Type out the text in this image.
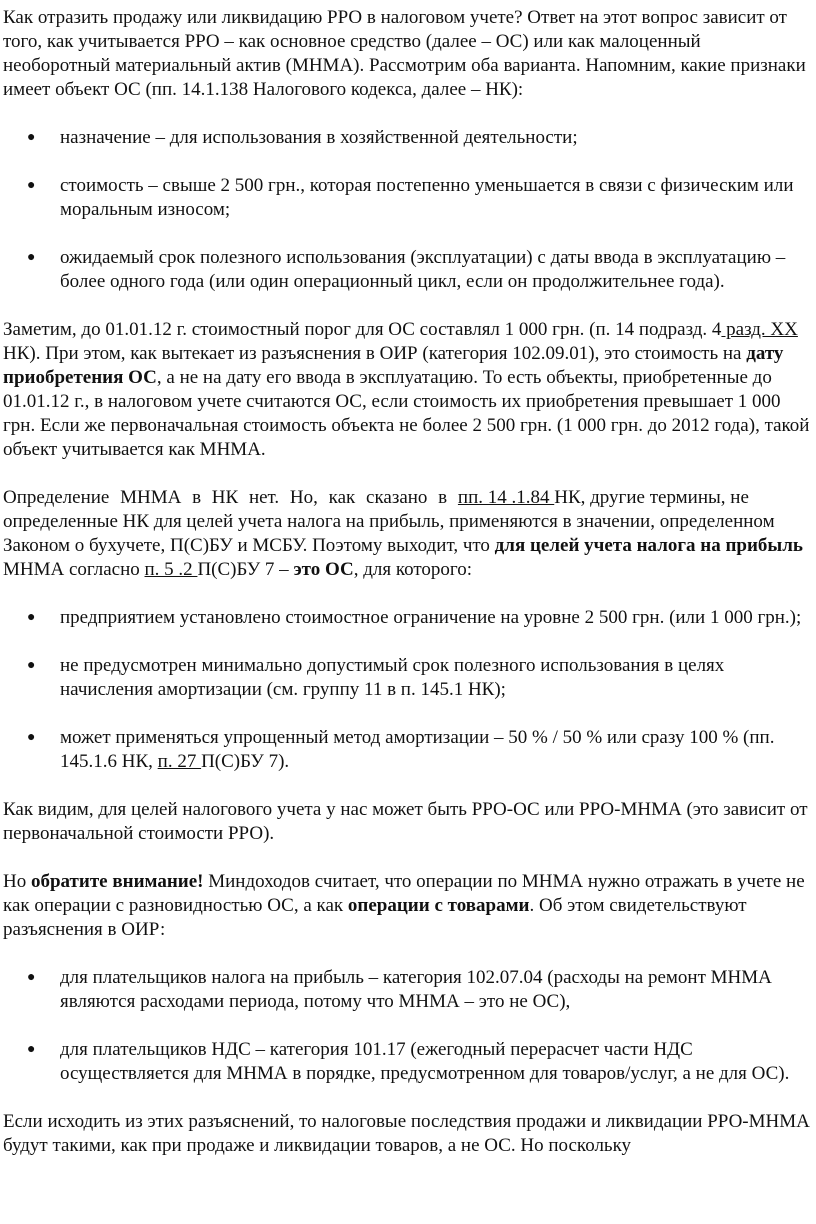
Как отразить продажу или ликвидацию РРО в налоговом учете? Ответ на этот вопрос зависит от того, как учитывается РРО – как основное средство (далее – ОС) или как малоценный необоротный материальный актив (МНМА). Рассмотрим оба варианта. Напомним, какие признаки имеет объект ОС (пп. 14.1.138 Налогового кодекса, далее – НК):

● назначение – для использования в хозяйственной деятельности;
● стоимость – свыше 2 500 грн., которая постепенно уменьшается в связи с физическим или моральным износом;
● ожидаемый срок полезного использования (эксплуатации) с даты ввода в эксплуатацию – более одного года (или один операционный цикл, если он продолжительнее года).

Заметим, до 01.01.12 г. стоимостный порог для ОС составлял 1 000 грн. (п. 14 подразд. 4 разд. ХХ НК). При этом, как вытекает из разъяснения в ОИР (категория 102.09.01), это стоимость на дату приобретения ОС, а не на дату его ввода в эксплуатацию. То есть объекты, приобретенные до 01.01.12 г., в налоговом учете считаются ОС, если стоимость их приобретения превышает 1 000 грн. Если же первоначальная стоимость объекта не более 2 500 грн. (1 000 грн. до 2012 года), такой объект учитывается как МНМА.

Определение МНМА в НК нет. Но, как сказано в пп. 14 .1.84 НК, другие термины, не определенные НК для целей учета налога на прибыль, применяются в значении, определенном Законом о бухучете, П(С)БУ и МСБУ. Поэтому выходит, что для целей учета налога на прибыль МНМА согласно п. 5 .2 П(С)БУ 7 – это ОС, для которого:

● предприятием установлено стоимостное ограничение на уровне 2 500 грн. (или 1 000 грн.);
● не предусмотрен минимально допустимый срок полезного использования в целях начисления амортизации (см. группу 11 в п. 145.1 НК);
● может применяться упрощенный метод амортизации – 50 % / 50 % или сразу 100 % (пп. 145.1.6 НК, п. 27 П(С)БУ 7).

Как видим, для целей налогового учета у нас может быть РРО-ОС или РРО-МНМА (это зависит от первоначальной стоимости РРО).

Но обратите внимание! Миндоходов считает, что операции по МНМА нужно отражать в учете не как операции с разновидностью ОС, а как операции с товарами. Об этом свидетельствуют разъяснения в ОИР:

● для плательщиков налога на прибыль – категория 102.07.04 (расходы на ремонт МНМА являются расходами периода, потому что МНМА – это не ОС),
● для плательщиков НДС – категория 101.17 (ежегодный перерасчет части НДС осуществляется для МНМА в порядке, предусмотренном для товаров/услуг, а не для ОС).

Если исходить из этих разъяснений, то налоговые последствия продажи и ликвидации РРО-МНМА будут такими, как при продаже и ликвидации товаров, а не ОС. Но поскольку
